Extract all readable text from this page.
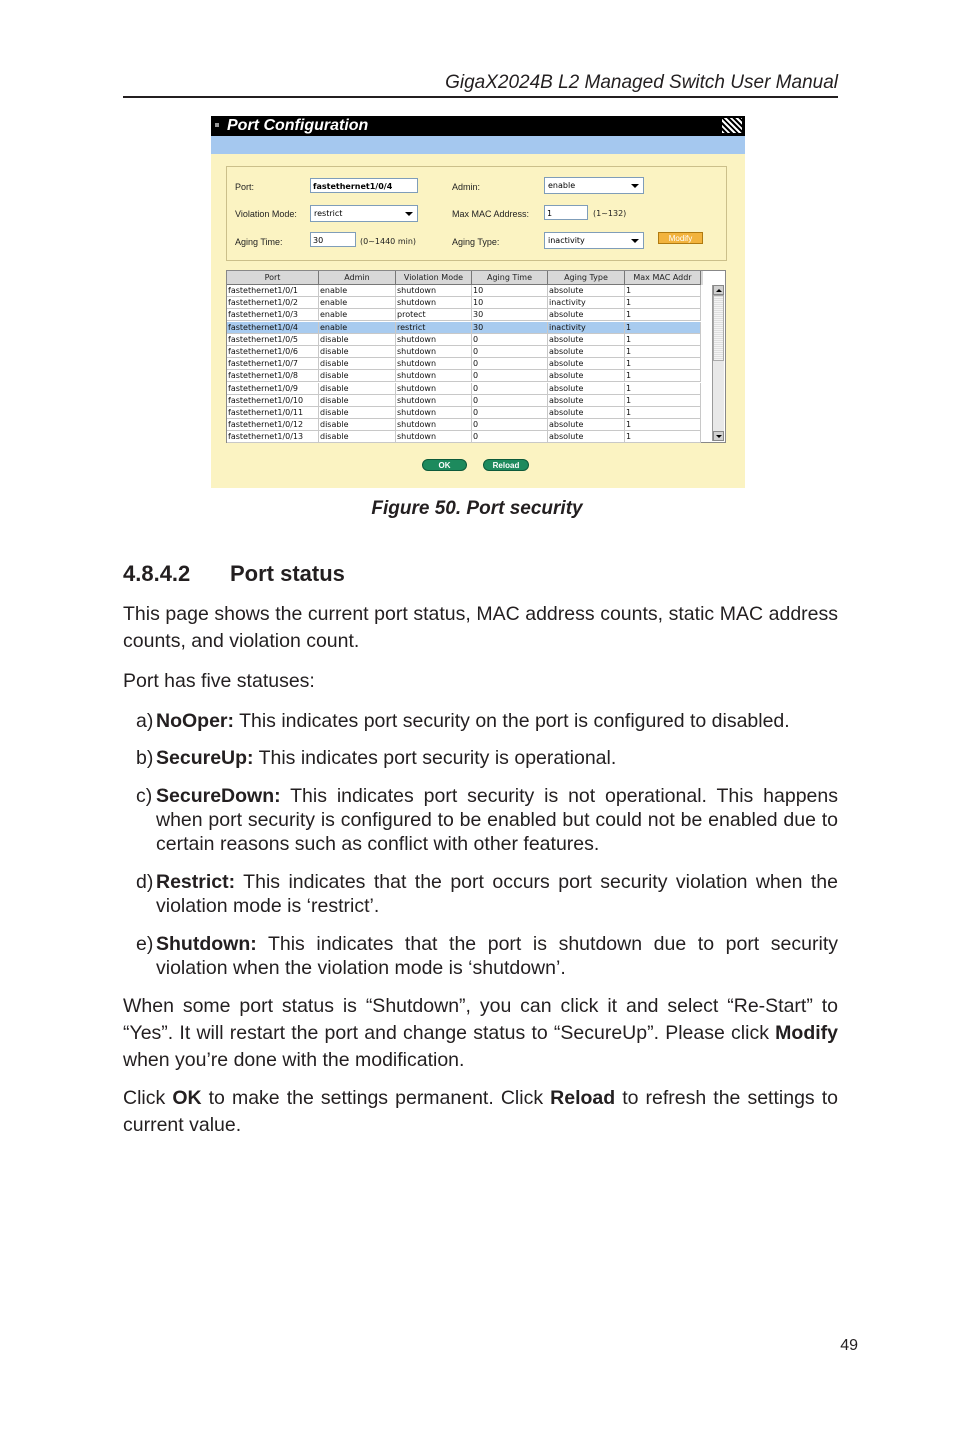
GigaX2024B L2 Managed Switch User Manual
Port Configuration
Port:	fastethernet1/0/4	Admin:	enable
Violation Mode:	restrict	Max MAC Address:	1	(1~132)
Aging Time:	30	(0~1440 min)	Aging Type:	inactivity	Modify
Port	Admin	Violation Mode	Aging Time	Aging Type	Max MAC Addr
fastethernet1/0/1	enable	shutdown	10	absolute	1
fastethernet1/0/2	enable	shutdown	10	inactivity	1
fastethernet1/0/3	enable	protect	30	absolute	1
fastethernet1/0/4	enable	restrict	30	inactivity	1
fastethernet1/0/5	disable	shutdown	0	absolute	1
fastethernet1/0/6	disable	shutdown	0	absolute	1
fastethernet1/0/7	disable	shutdown	0	absolute	1
fastethernet1/0/8	disable	shutdown	0	absolute	1
fastethernet1/0/9	disable	shutdown	0	absolute	1
fastethernet1/0/10	disable	shutdown	0	absolute	1
fastethernet1/0/11	disable	shutdown	0	absolute	1
fastethernet1/0/12	disable	shutdown	0	absolute	1
fastethernet1/0/13	disable	shutdown	0	absolute	1
OK	Reload
Figure 50. Port security
4.8.4.2 Port status
This page shows the current port status, MAC address counts, static MAC address counts, and violation count.
Port has five statuses:
a) NoOper: This indicates port security on the port is configured to disabled.
b) SecureUp: This indicates port security is operational.
c) SecureDown: This indicates port security is not operational. This happens when port security is configured to be enabled but could not be enabled due to certain reasons such as conflict with other features.
d) Restrict: This indicates that the port occurs port security violation when the violation mode is ‘restrict’.
e) Shutdown: This indicates that the port is shutdown due to port security violation when the violation mode is ‘shutdown’.
When some port status is “Shutdown”, you can click it and select “Re-Start” to “Yes”. It will restart the port and change status to “SecureUp”. Please click Modify when you’re done with the modification.
Click OK to make the settings permanent. Click Reload to refresh the settings to current value.
49
